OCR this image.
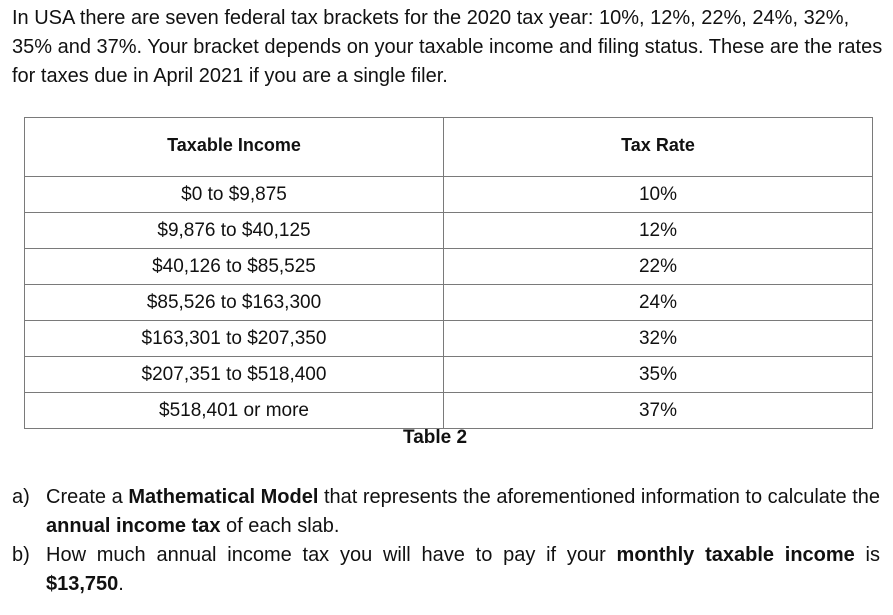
In USA there are seven federal tax brackets for the 2020 tax year: 10%, 12%, 22%, 24%, 32%, 35% and 37%. Your bracket depends on your taxable income and filing status. These are the rates for taxes due in April 2021 if you are a single filer.

Taxable Income	Tax Rate

$0 to $9,875	10%
$9,876 to $40,125	12%
$40,126 to $85,525	22%
$85,526 to $163,300	24%
$163,301 to $207,350	32%
$207,351 to $518,400	35%
$518,401 or more	37%
Table 2
a) Create a Mathematical Model that represents the aforementioned information to calculate the annual income tax of each slab.
b) How much annual income tax you will have to pay if your monthly taxable income is $13,750.
